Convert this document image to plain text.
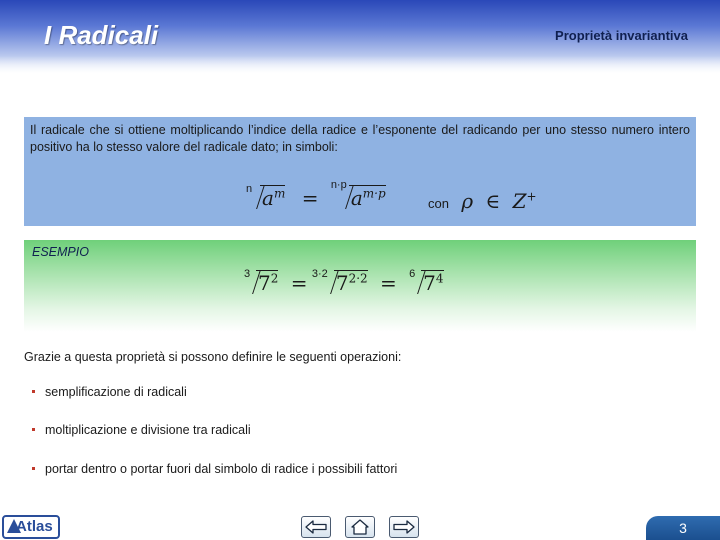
I Radicali	Proprietà invariantiva
Il radicale che si ottiene moltiplicando l’indice della radice e l’esponente del radicando per uno stesso numero intero positivo ha lo stesso valore del radicale dato; in simboli:
n $a^m$ =
n·p
$a^{m\cdot p}$
con ρ ∈ Z+
ESEMPIO
3 $7^2 = 3\cdot 2$ $7^{2\cdot 2} = 6$ $7^4$
Grazie a questa proprietà si possono definire le seguenti operazioni:
semplificazione di radicali
moltiplicazione e divisione tra radicali
portar dentro o portar fuori dal simbolo di radice i possibili fattori
Atlas	3
